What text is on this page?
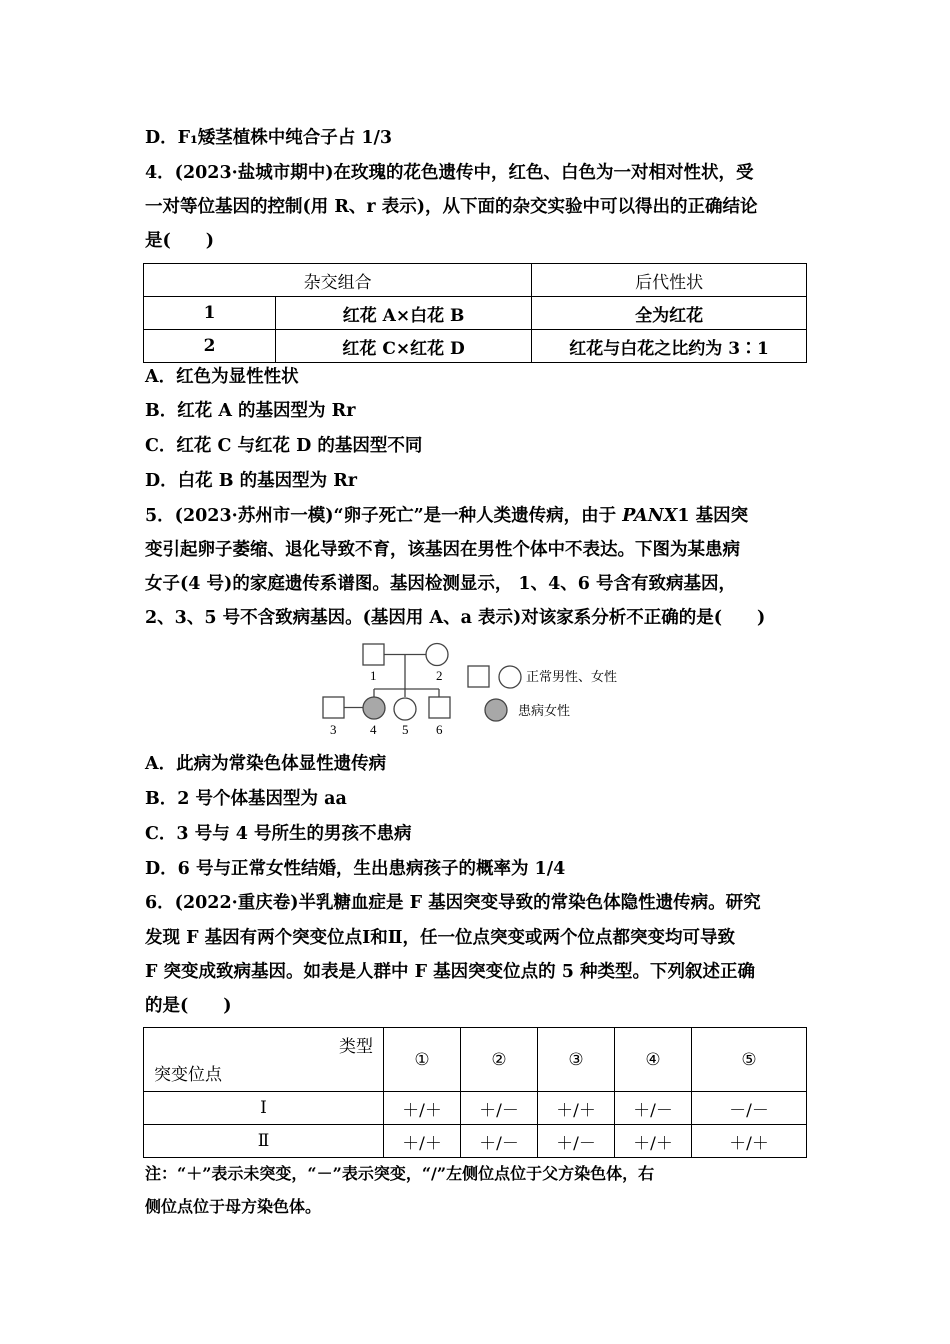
D．F₁矮茎植株中纯合子占 1/3
4．(2023·盐城市期中)在玫瑰的花色遗传中，红色、白色为一对相对性状，受
一对等位基因的控制(用 R、r 表示)，从下面的杂交实验中可以得出的正确结论
是(　　)
杂交组合		后代性状
1	红花 A×白花 B	全为红花
2	红花 C×红花 D	红花与白花之比约为 3∶1
A．红色为显性性状
B．红花 A 的基因型为 Rr
C．红花 C 与红花 D 的基因型不同
D．白花 B 的基因型为 Rr
5．(2023·苏州市一模)“卵子死亡”是一种人类遗传病，由于 PANX1 基因突
变引起卵子萎缩、退化导致不育，该基因在男性个体中不表达。下图为某患病
女子(4 号)的家庭遗传系谱图。基因检测显示， 1、4、6 号含有致病基因，
2、3、5 号不含致病基因。(基因用 A、a 表示)对该家系分析不正确的是(　　)
1	2
3	4 5 6
正常男性、女性
患病女性
A．此病为常染色体显性遗传病
B．2 号个体基因型为 aa
C．3 号与 4 号所生的男孩不患病
D．6 号与正常女性结婚，生出患病孩子的概率为 1/4
6．(2022·重庆卷)半乳糖血症是 F 基因突变导致的常染色体隐性遗传病。研究
发现 F 基因有两个突变位点Ⅰ和Ⅱ，任一位点突变或两个位点都突变均可导致
F 突变成致病基因。如表是人群中 F 基因突变位点的 5 种类型。下列叙述正确
的是(　　)
类型
突变位点	①	②	③	④	⑤
Ⅰ	＋/＋	＋/－	＋/＋	＋/－	－/－
Ⅱ	＋/＋	＋/－	＋/－	＋/＋	＋/＋
注：“＋”表示未突变，“－”表示突变，“/”左侧位点位于父方染色体，右
侧位点位于母方染色体。
